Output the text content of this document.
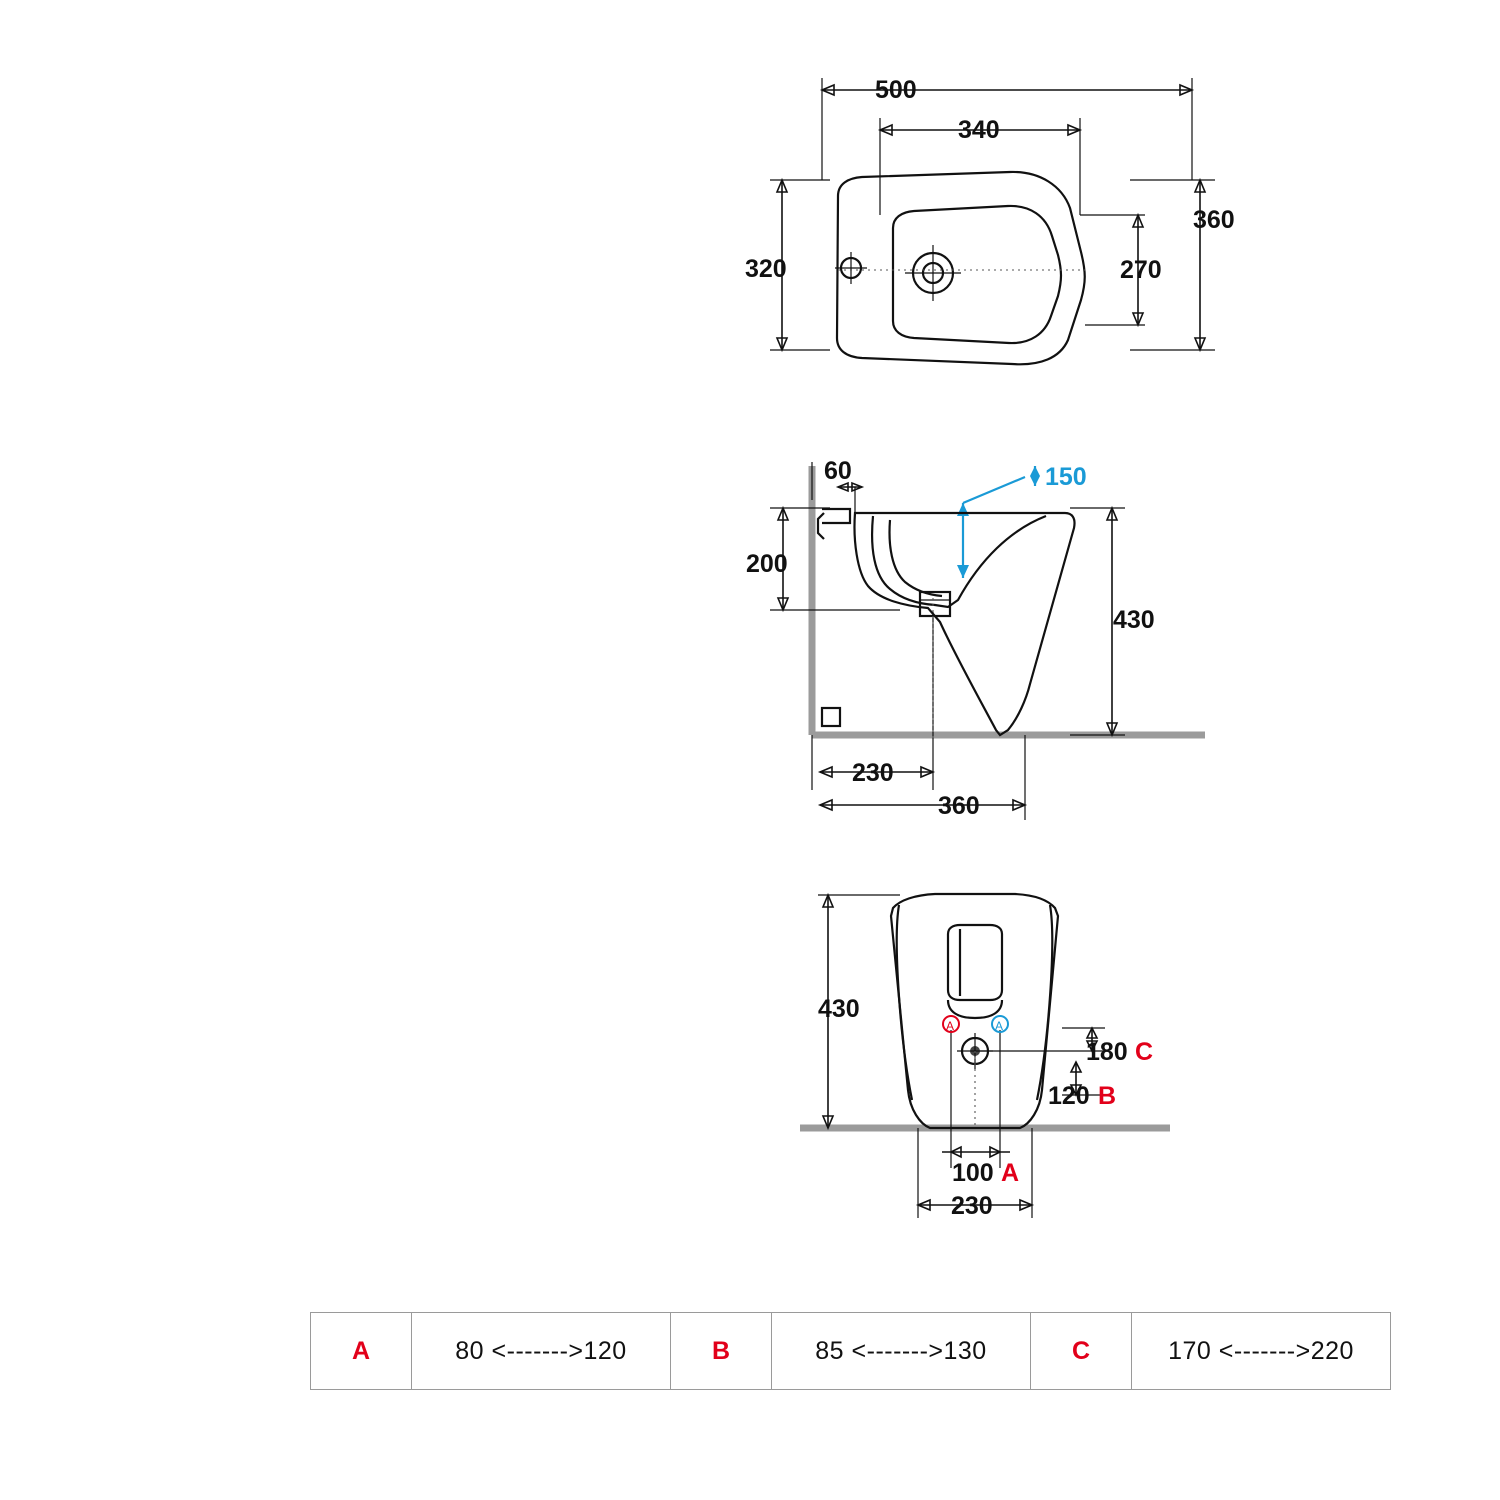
500
340
320
360
270
60	150
200
430
230
360
430
180 C
120 B
100 A
230
A	A
A	80 <------->120	B	85 <------->130	C	170 <------->220
